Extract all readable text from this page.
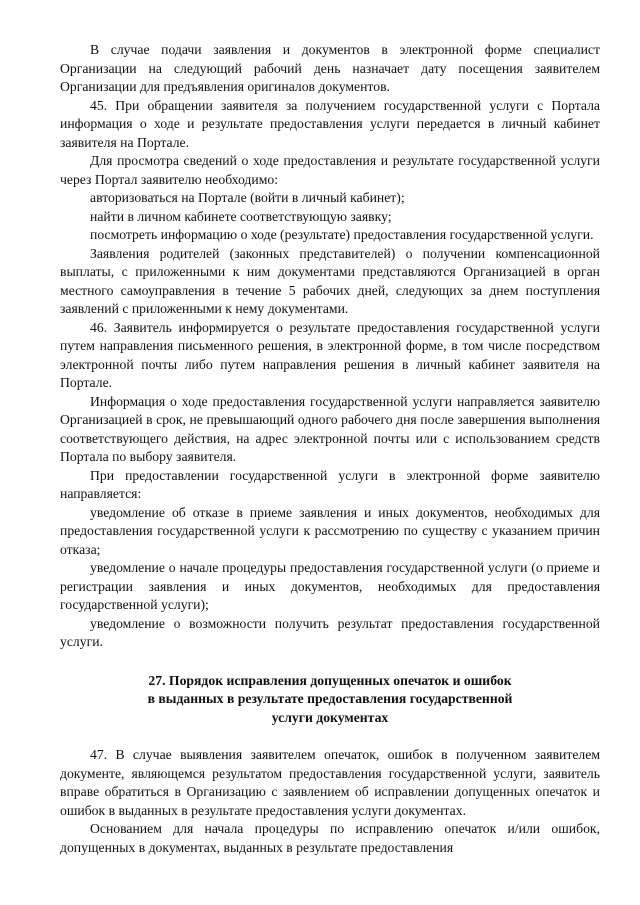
В случае подачи заявления и документов в электронной форме специалист Организации на следующий рабочий день назначает дату посещения заявителем Организации для предъявления оригиналов документов.

45. При обращении заявителя за получением государственной услуги с Портала информация о ходе и результате предоставления услуги передается в личный кабинет заявителя на Портале.

Для просмотра сведений о ходе предоставления и результате государственной услуги через Портал заявителю необходимо:

авторизоваться на Портале (войти в личный кабинет);

найти в личном кабинете соответствующую заявку;

посмотреть информацию о ходе (результате) предоставления государственной услуги.

Заявления родителей (законных представителей) о получении компенсационной выплаты, с приложенными к ним документами представляются Организацией в орган местного самоуправления в течение 5 рабочих дней, следующих за днем поступления заявлений с приложенными к нему документами.

46. Заявитель информируется о результате предоставления государственной услуги путем направления письменного решения, в электронной форме, в том числе посредством электронной почты либо путем направления решения в личный кабинет заявителя на Портале.

Информация о ходе предоставления государственной услуги направляется заявителю Организацией в срок, не превышающий одного рабочего дня после завершения выполнения соответствующего действия, на адрес электронной почты или с использованием средств Портала по выбору заявителя.

При предоставлении государственной услуги в электронной форме заявителю направляется:

уведомление об отказе в приеме заявления и иных документов, необходимых для предоставления государственной услуги к рассмотрению по существу с указанием причин отказа;

уведомление о начале процедуры предоставления государственной услуги (о приеме и регистрации заявления и иных документов, необходимых для предоставления государственной услуги);

уведомление о возможности получить результат предоставления государственной услуги.

27. Порядок исправления допущенных опечаток и ошибок
в выданных в результате предоставления государственной
услуги документах

47. В случае выявления заявителем опечаток, ошибок в полученном заявителем документе, являющемся результатом предоставления государственной услуги, заявитель вправе обратиться в Организацию с заявлением об исправлении допущенных опечаток и ошибок в выданных в результате предоставления услуги документах.

Основанием для начала процедуры по исправлению опечаток и/или ошибок, допущенных в документах, выданных в результате предоставления
